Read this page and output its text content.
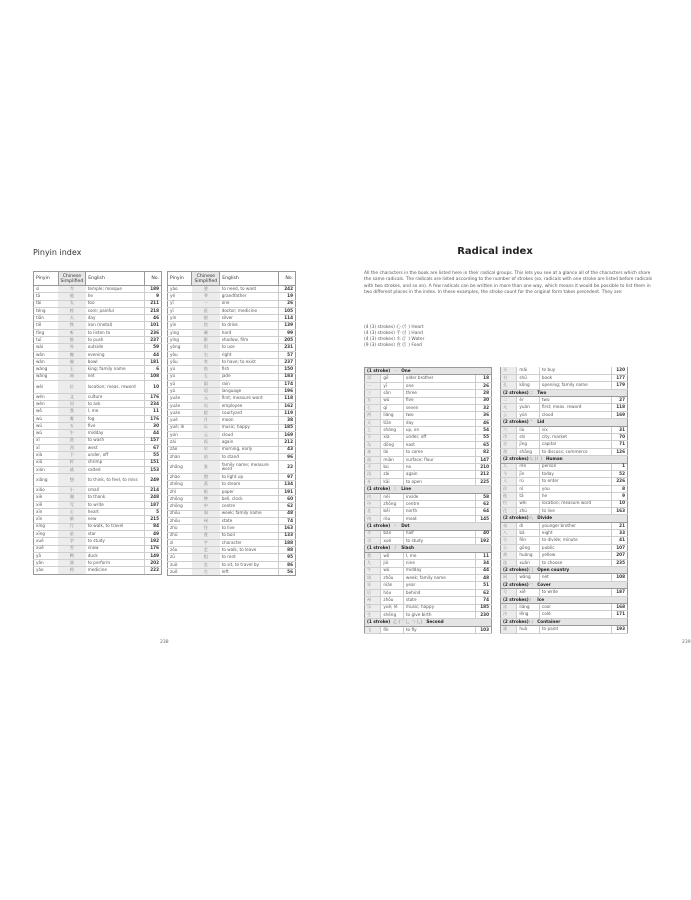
Pinyin index
Pinyin	Chinese Simplified	English	No.
sì	寺	temple; mosque	189
tā	他	he	9
tài	太	too	211
téng	疼	sore; painful	218
tiān	天	day	46
tiě	铁	iron (metal)	101
tīng	听	to listen to	236
tuī	推	to push	237
wài	外	outside	59
wǎn	晚	evening	44
wǎn	碗	bowl	181
wáng	王	king; family name	6
wǎng	网	net	108
wèi	位	location; meas. reword	10
wén	文	culture	176
wèn	问	to ask	234
wǒ	我	I, me	11
wù	雾	fog	176
wǔ	五	five	30
wǔ	午	midday	44
xǐ	洗	to wash	157
xī	西	west	67
xià	下	under, off	55
xiā	虾	shrimp	151
xián	咸	salted	153
xiǎng	想	to think, to feel, to miss	249
xiǎo	小	small	214
xiè	谢	to thank	248
xiě	写	to write	187
xīn	心	heart	5
xīn	新	new	215
xíng	行	to walk, to travel	84
xīng	星	star	49
xué	学	to study	192
xuě	雪	snow	176
yā	鸭	duck	149
yǎn	演	to perform	202
yào	药	medicine	222
Pinyin	Chinese Simplified	English	No.
yào	要	to need, to want	242
yé	爷	grandfather	19
yī	一	one	26
yī	医	doctor; medicine	105
yín	银	silver	114
yǐn	饮	to drink	139
yìng	硬	hard	99
yǐng	影	shadow, film	205
yòng	用	to use	231
yòu	右	right	57
yǒu	有	to have; to exist	237
yú	鱼	fish	150
yù	玉	jade	183
yǔ	雨	rain	174
yǔ	语	language	196
yuán	元	first; measure word	118
yuán	员	employee	162
yuàn	院	courtyard	119
yuè	月	moon	38
yuè; lè	乐	music; happy	185
yún	云	cloud	169
zài	再	again	212
zǎo	早	morning, early	43
zhàn	站	to stand	96
zhāng	张	family name; measure word	22
zhào	照	to light up	97
zhēng	蒸	to steam	134
zhǐ	纸	paper	191
zhōng	钟	bell, clock	60
zhōng	中	centre	62
zhōu	周	week; family name	48
zhōu	州	state	74
zhù	住	to live	163
zhǔ	煮	to boil	133
zì	字	character	188
zǒu	走	to walk, to leave	88
zū	租	to rent	95
zuò	坐	to sit, to travel by	86
zuǒ	左	left	56
238
Radical index
All the characters in the book are listed here in their radical groups. This lets you see at a glance all of the characters which share the same radicals. The radicals are listed according to the number of strokes (so, radicals with one stroke are listed before radicals with two strokes, and so on). A few radicals can be written in more than one way, which means it would be possible to list them in two different places in the index. In these examples, the stroke count for the original form takes precedent. They are:
(4 (3) strokes) 心 (忄) Heart
(4 (3) strokes) 手 (扌) Hand
(4 (3) strokes) 水 (氵) Water
(9 (3) strokes) 食 (饣) Food
(1 stroke) 一 One			
哥	gē	older brother	18
一	yī	one	26
三	sān	three	28
五	wǔ	five	30
七	qī	seven	32
两	liǎng	two	36
天	tiān	day	46
上	shàng	up, on	54
下	xià	under, off	55
东	dōng	east	65
来	lái	to come	82
面	miàn	surface; flour	147
不	bù	no	210
再	zài	again	212
开	kāi	to open	225
(1 stroke) 丨 Line			
内	nèi	inside	58
中	zhōng	centre	62
北	běi	north	64
肉	ròu	meat	145
(1 stroke) 丶 Dot			
半	bàn	half	40
学	xué	to study	192
(1 stroke) 丿 Slash			
我	wǒ	I, me	11
九	jiǔ	nine	34
午	wǔ	midday	44
周	zhōu	week; family name	48
年	nián	year	51
后	hòu	behind	62
州	zhōu	state	74
乐	yuè; lè	music; happy	185
生	shēng	to give birth	230
(1 stroke) 乙 (乛 乚 ㄱ 乚) Second			
飞	fēi	to fly	103
买	mǎi	to buy	120
书	shū	book	177
孔	kǒng	opening; family name	179
(2 strokes)二 Two			
二	èr	two	27
元	yuán	first; meas. reword	118
云	yún	cloud	169
(2 strokes)亠 Lid			
六	liù	six	31
市	shì	city, market	70
京	jīng	capital	71
商	shāng	to discuss; commerce	126
(2 strokes)人 (亻) Human			
人	rén	person	1
今	jīn	today	52
入	rù	to enter	226
你	nǐ	you	8
他	tā	he	9
位	wèi	location; measure word	10
住	zhù	to live	163
(2 strokes)八 Divide			
弟	dì	younger brother	21
八	bā	eight	33
分	fēn	to divide; minute	41
公	gōng	public	107
黄	huáng	yellow	207
选	xuǎn	to choose	235
(2 strokes)冂 Open country			
网	wǎng	net	108
(2 strokes)冖 Cover			
写	xiě	to write	187
(2 strokes)冫 Ice			
凉	liáng	cool	168
冷	lěng	cold	171
(2 strokes)凵 Container			
画	huà	to paint	193
239
